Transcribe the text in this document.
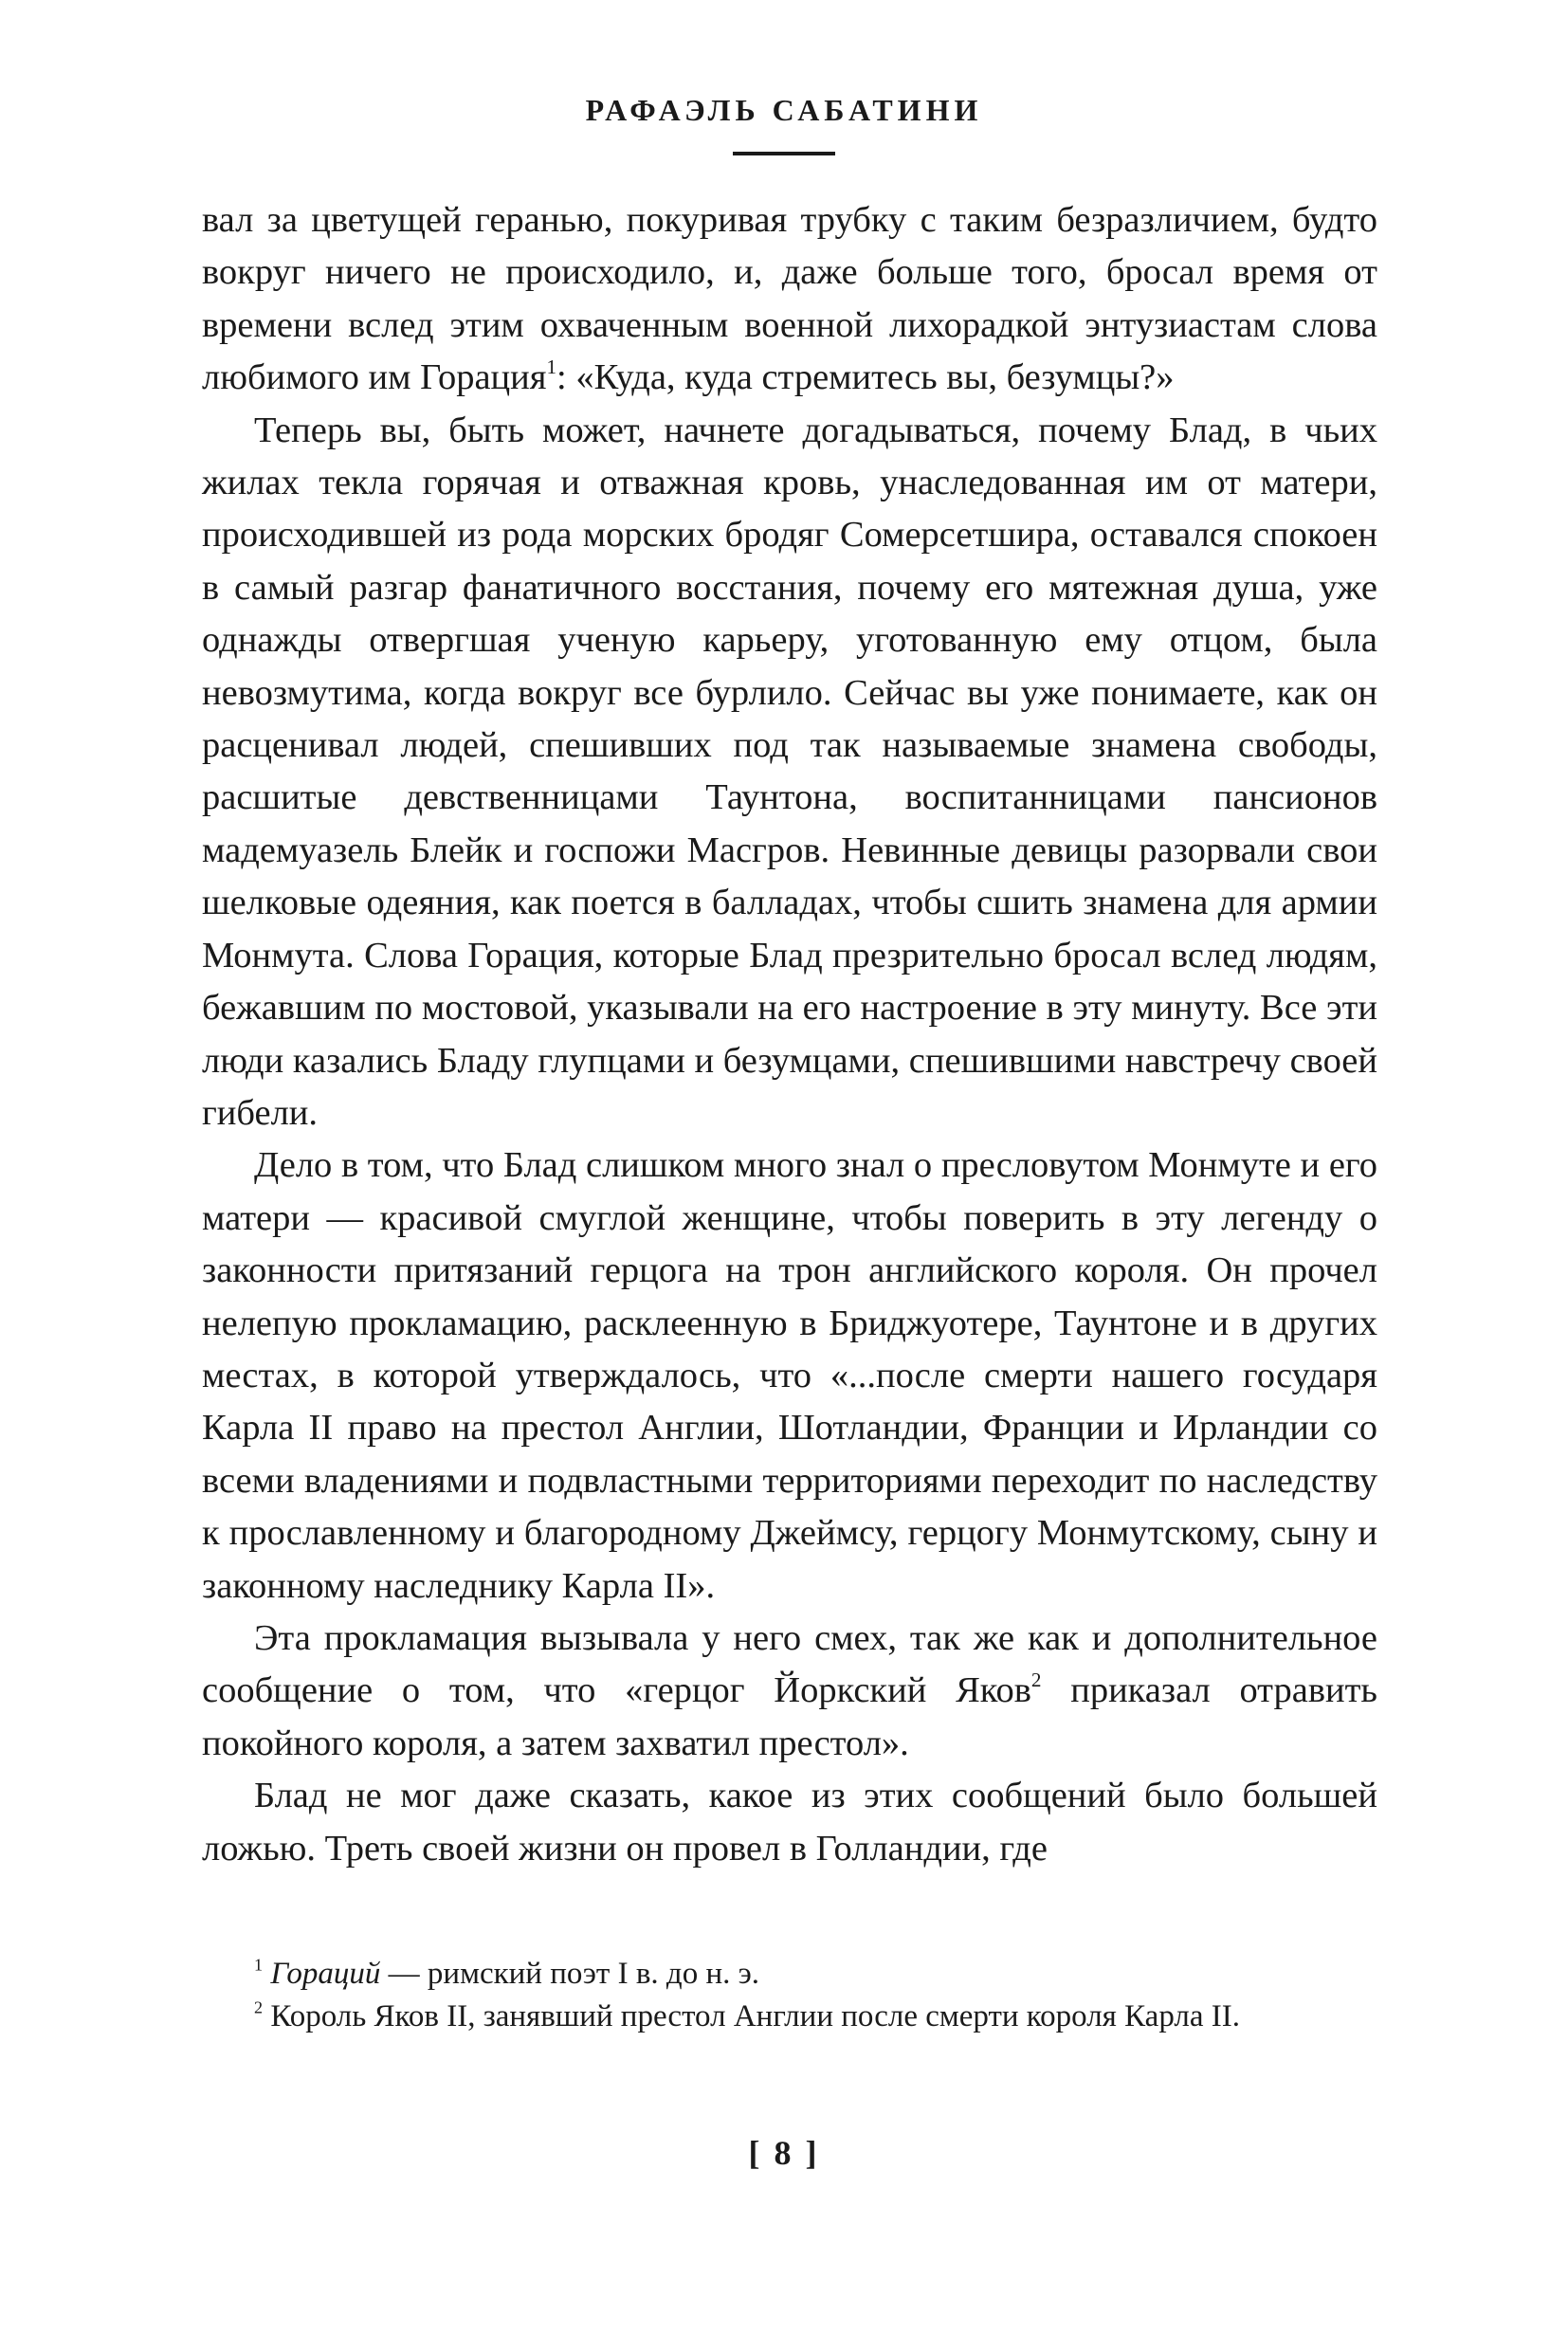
РАФАЭЛЬ САБАТИНИ

вал за цветущей геранью, покуривая трубку с таким безразличием, будто вокруг ничего не происходило, и, даже больше того, бросал время от времени вслед этим охваченным военной лихорадкой энтузиастам слова любимого им Горация$^1$: «Куда, куда стремитесь вы, безумцы?»

Теперь вы, быть может, начнете догадываться, почему Блад, в чьих жилах текла горячая и отважная кровь, унаследованная им от матери, происходившей из рода морских бродяг Сомерсетшира, оставался спокоен в самый разгар фанатичного восстания, почему его мятежная душа, уже однажды отвергшая ученую карьеру, уготованную ему отцом, была невозмутима, когда вокруг все бурлило. Сейчас вы уже понимаете, как он расценивал людей, спешивших под так называемые знамена свободы, расшитые девственницами Таунтона, воспитанницами пансионов мадемуазель Блейк и госпожи Масгров. Невинные девицы разорвали свои шелковые одеяния, как поется в балладах, чтобы сшить знамена для армии Монмута. Слова Горация, которые Блад презрительно бросал вслед людям, бежавшим по мостовой, указывали на его настроение в эту минуту. Все эти люди казались Бладу глупцами и безумцами, спешившими навстречу своей гибели.

Дело в том, что Блад слишком много знал о пресловутом Монмуте и его матери — красивой смуглой женщине, чтобы поверить в эту легенду о законности притязаний герцога на трон английского короля. Он прочел нелепую прокламацию, расклеенную в Бриджуотере, Таунтоне и в других местах, в которой утверждалось, что «...после смерти нашего государя Карла II право на престол Англии, Шотландии, Франции и Ирландии со всеми владениями и подвластными территориями переходит по наследству к прославленному и благородному Джеймсу, герцогу Монмутскому, сыну и законному наследнику Карла II».

Эта прокламация вызывала у него смех, так же как и дополнительное сообщение о том, что «герцог Йоркский Яков$^2$ приказал отравить покойного короля, а затем захватил престол».

Блад не мог даже сказать, какое из этих сообщений было большей ложью. Треть своей жизни он провел в Голландии, где

$^1$ Гораций — римский поэт I в. до н. э.

$^2$ Король Яков II, занявший престол Англии после смерти короля Карла II.

[ 8 ]
